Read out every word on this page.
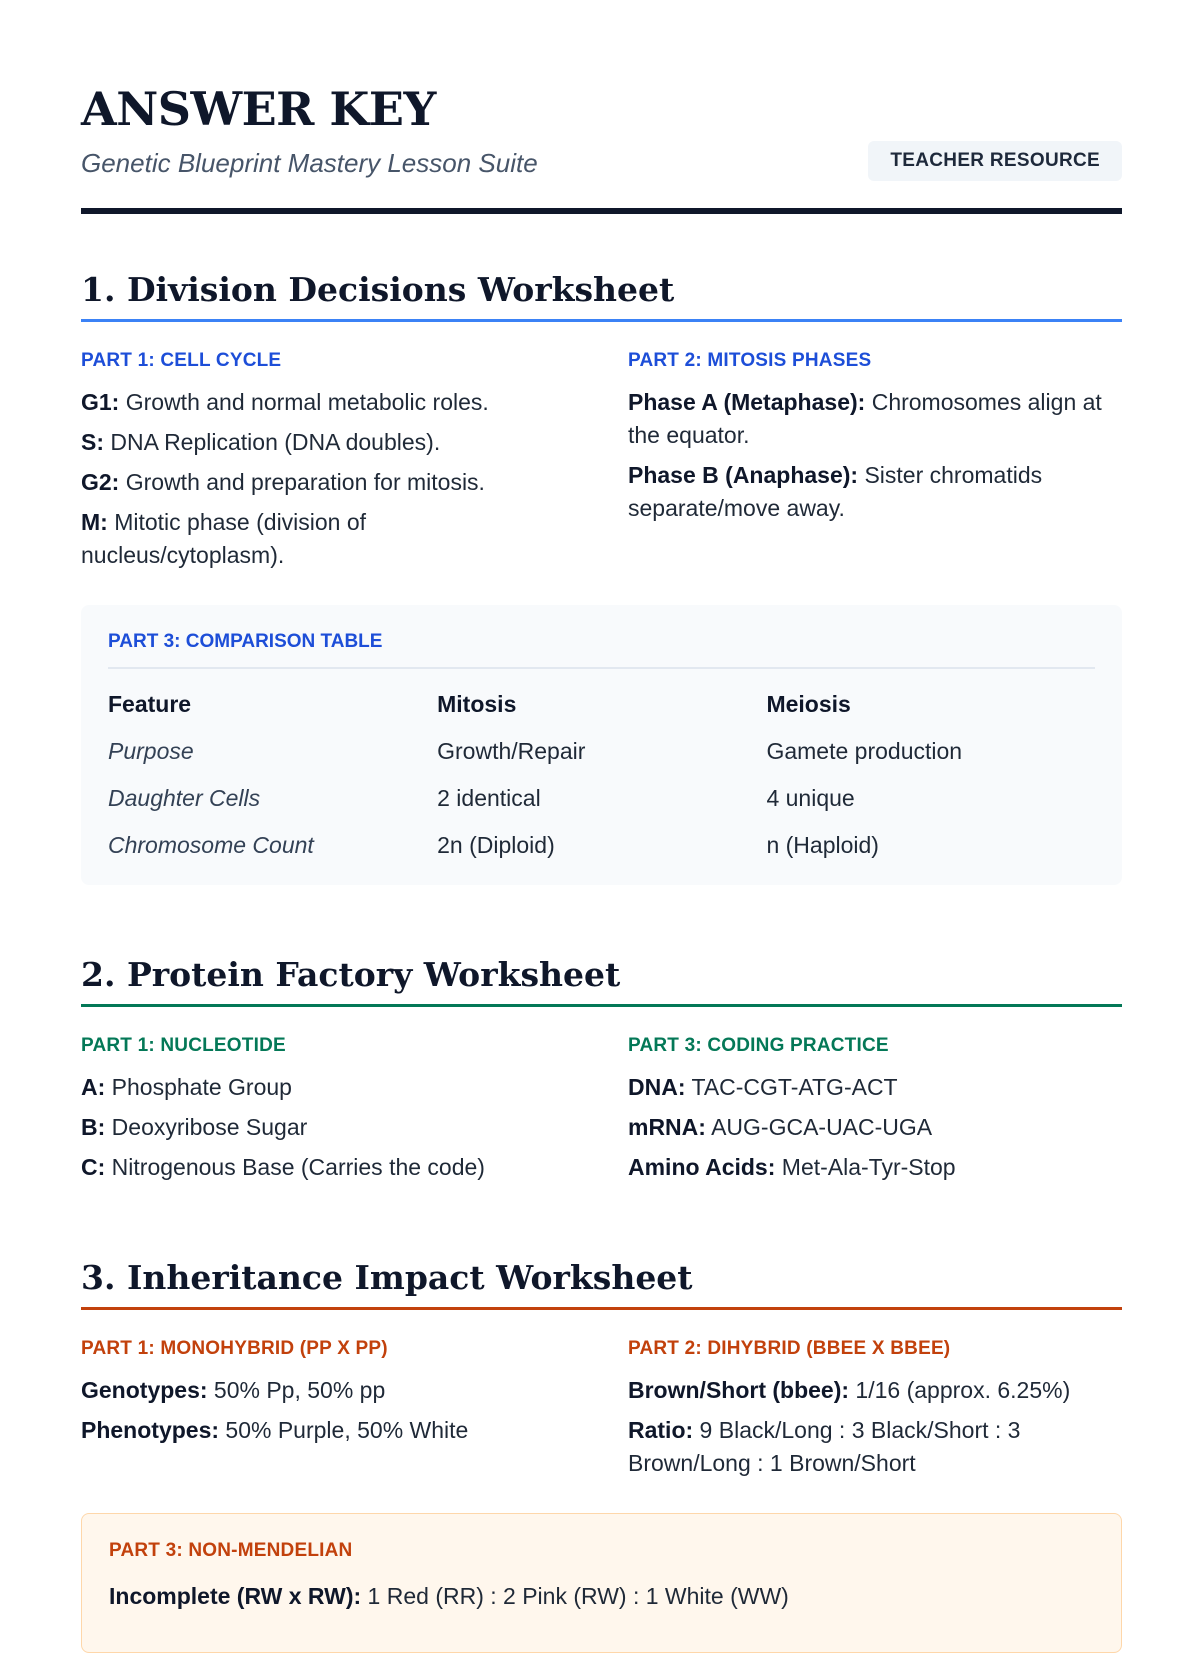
ANSWER KEY
Genetic Blueprint Mastery Lesson Suite	TEACHER RESOURCE
1. Division Decisions Worksheet
PART 1: CELL CYCLE
G1: Growth and normal metabolic roles.
S: DNA Replication (DNA doubles).
G2: Growth and preparation for mitosis.
M: Mitotic phase (division of nucleus/cytoplasm).
PART 2: MITOSIS PHASES
Phase A (Metaphase): Chromosomes align at the equator.
Phase B (Anaphase): Sister chromatids separate/move away.
PART 3: COMPARISON TABLE
Feature	Mitosis	Meiosis
Purpose	Growth/Repair	Gamete production
Daughter Cells	2 identical	4 unique
Chromosome Count	2n (Diploid)	n (Haploid)
2. Protein Factory Worksheet
PART 1: NUCLEOTIDE
A: Phosphate Group
B: Deoxyribose Sugar
C: Nitrogenous Base (Carries the code)
PART 3: CODING PRACTICE
DNA: TAC-CGT-ATG-ACT
mRNA: AUG-GCA-UAC-UGA
Amino Acids: Met-Ala-Tyr-Stop
3. Inheritance Impact Worksheet
PART 1: MONOHYBRID (PP X PP)
Genotypes: 50% Pp, 50% pp
Phenotypes: 50% Purple, 50% White
PART 2: DIHYBRID (BBEE X BBEE)
Brown/Short (bbee): 1/16 (approx. 6.25%)
Ratio: 9 Black/Long : 3 Black/Short : 3 Brown/Long : 1 Brown/Short
PART 3: NON-MENDELIAN
Incomplete (RW x RW): 1 Red (RR) : 2 Pink (RW) : 1 White (WW)
